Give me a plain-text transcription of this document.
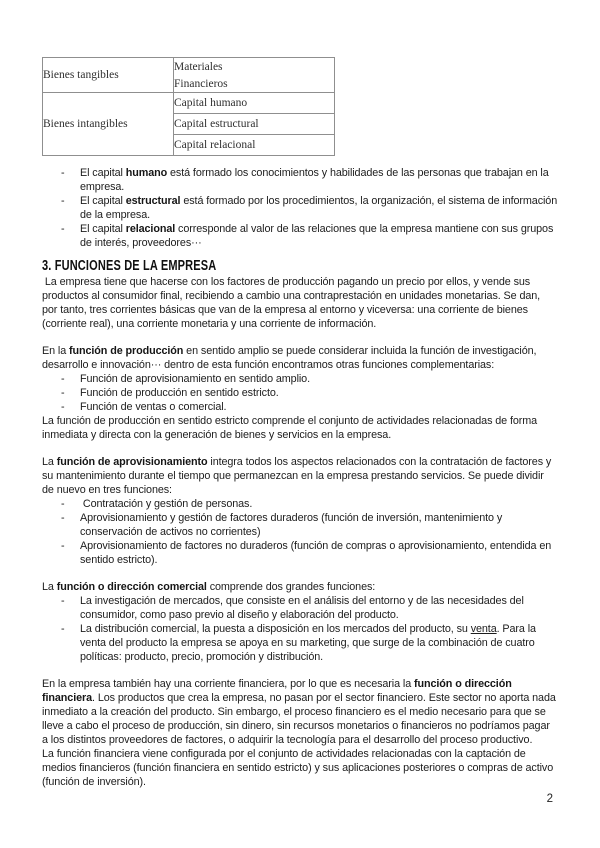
Bienes tangibles	Materiales
	Financieros
Bienes intangibles	Capital humano
	Capital estructural
	Capital relacional
-	El capital humano está formado los conocimientos y habilidades de las personas que trabajan en la empresa.
-	El capital estructural está formado por los procedimientos, la organización, el sistema de información de la empresa.
-	El capital relacional corresponde al valor de las relaciones que la empresa mantiene con sus grupos de interés, proveedores···
3. FUNCIONES DE LA EMPRESA

La empresa tiene que hacerse con los factores de producción pagando un precio por ellos, y vende sus productos al consumidor final, recibiendo a cambio una contraprestación en unidades monetarias. Se dan, por tanto, tres corrientes básicas que van de la empresa al entorno y viceversa: una corriente de bienes (corriente real), una corriente monetaria y una corriente de información.

En la función de producción en sentido amplio se puede considerar incluida la función de investigación, desarrollo e innovación··· dentro de esta función encontramos otras funciones complementarias:

-	Función de aprovisionamiento en sentido amplio.
-	Función de producción en sentido estricto.
-	Función de ventas o comercial.

La función de producción en sentido estricto comprende el conjunto de actividades relacionadas de forma inmediata y directa con la generación de bienes y servicios en la empresa.

La función de aprovisionamiento integra todos los aspectos relacionados con la contratación de factores y su mantenimiento durante el tiempo que permanezcan en la empresa prestando servicios. Se puede dividir de nuevo en tres funciones:

-	Contratación y gestión de personas.
-	Aprovisionamiento y gestión de factores duraderos (función de inversión, mantenimiento y conservación de activos no corrientes)
-	Aprovisionamiento de factores no duraderos (función de compras o aprovisionamiento, entendida en sentido estricto).

La función o dirección comercial comprende dos grandes funciones:

-	La investigación de mercados, que consiste en el análisis del entorno y de las necesidades del consumidor, como paso previo al diseño y elaboración del producto.
-	La distribución comercial, la puesta a disposición en los mercados del producto, su venta. Para la venta del producto la empresa se apoya en su marketing, que surge de la combinación de cuatro políticas: producto, precio, promoción y distribución.

En la empresa también hay una corriente financiera, por lo que es necesaria la función o dirección financiera. Los productos que crea la empresa, no pasan por el sector financiero. Este sector no aporta nada inmediato a la creación del producto. Sin embargo, el proceso financiero es el medio necesario para que se lleve a cabo el proceso de producción, sin dinero, sin recursos monetarios o financieros no podríamos pagar a los distintos proveedores de factores, o adquirir la tecnología para el desarrollo del proceso productivo.

La función financiera viene configurada por el conjunto de actividades relacionadas con la captación de medios financieros (función financiera en sentido estricto) y sus aplicaciones posteriores o compras de activo (función de inversión).

2
